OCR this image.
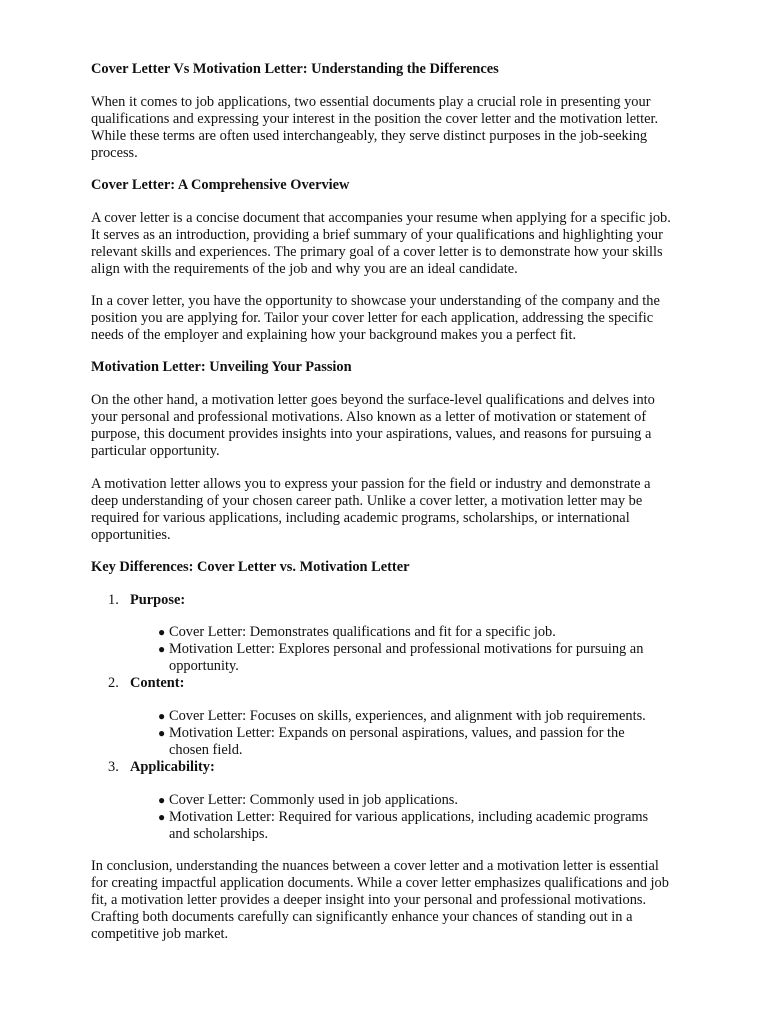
Cover Letter Vs Motivation Letter: Understanding the Differences
When it comes to job applications, two essential documents play a crucial role in presenting your
qualifications and expressing your interest in the position the cover letter and the motivation letter.
While these terms are often used interchangeably, they serve distinct purposes in the job-seeking
process.
Cover Letter: A Comprehensive Overview
A cover letter is a concise document that accompanies your resume when applying for a specific job.
It serves as an introduction, providing a brief summary of your qualifications and highlighting your
relevant skills and experiences. The primary goal of a cover letter is to demonstrate how your skills
align with the requirements of the job and why you are an ideal candidate.
In a cover letter, you have the opportunity to showcase your understanding of the company and the
position you are applying for. Tailor your cover letter for each application, addressing the specific
needs of the employer and explaining how your background makes you a perfect fit.
Motivation Letter: Unveiling Your Passion
On the other hand, a motivation letter goes beyond the surface-level qualifications and delves into
your personal and professional motivations. Also known as a letter of motivation or statement of
purpose, this document provides insights into your aspirations, values, and reasons for pursuing a
particular opportunity.
A motivation letter allows you to express your passion for the field or industry and demonstrate a
deep understanding of your chosen career path. Unlike a cover letter, a motivation letter may be
required for various applications, including academic programs, scholarships, or international
opportunities.
Key Differences: Cover Letter vs. Motivation Letter
1. Purpose:
● Cover Letter: Demonstrates qualifications and fit for a specific job.
● Motivation Letter: Explores personal and professional motivations for pursuing an
opportunity.
2. Content:
● Cover Letter: Focuses on skills, experiences, and alignment with job requirements.
● Motivation Letter: Expands on personal aspirations, values, and passion for the
chosen field.
3. Applicability:
● Cover Letter: Commonly used in job applications.
● Motivation Letter: Required for various applications, including academic programs
and scholarships.
In conclusion, understanding the nuances between a cover letter and a motivation letter is essential
for creating impactful application documents. While a cover letter emphasizes qualifications and job
fit, a motivation letter provides a deeper insight into your personal and professional motivations.
Crafting both documents carefully can significantly enhance your chances of standing out in a
competitive job market.
